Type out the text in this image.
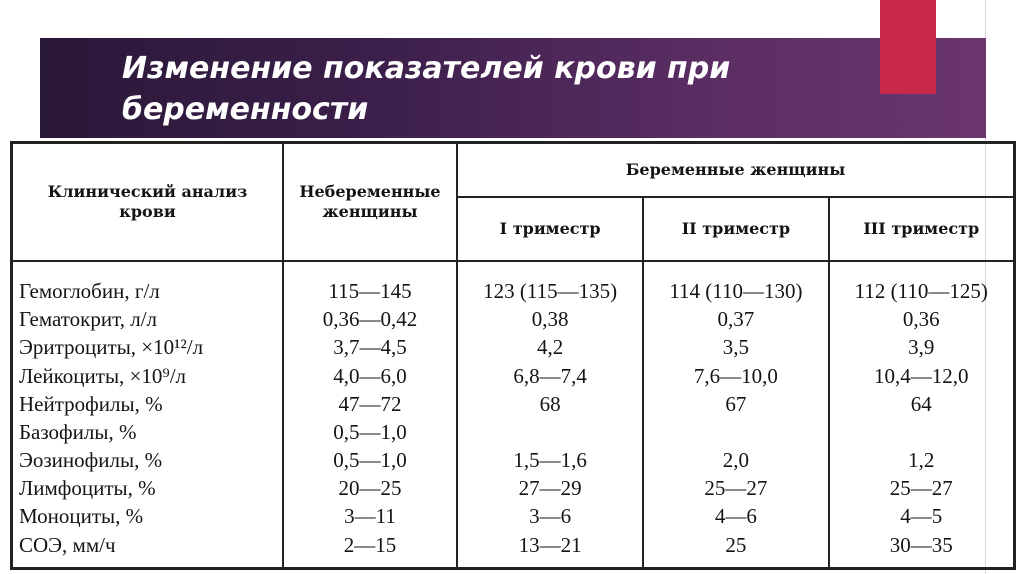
Изменение показателей крови при
беременности
Клинический анализ крови	Небеременные женщины	Беременные женщины		
		I триместр	II триместр	III триместр
Гемоглобин, г/л	115—145	123 (115—135)	114 (110—130)	112 (110—125)
Гематокрит, л/л	0,36—0,42	0,38	0,37	0,36
Эритроциты, ×10¹²/л	3,7—4,5	4,2	3,5	3,9
Лейкоциты, ×10⁹/л	4,0—6,0	6,8—7,4	7,6—10,0	10,4—12,0
Нейтрофилы, %	47—72	68	67	64
Базофилы, %	0,5—1,0			
Эозинофилы, %	0,5—1,0	1,5—1,6	2,0	1,2
Лимфоциты, %	20—25	27—29	25—27	25—27
Моноциты, %	3—11	3—6	4—6	4—5
СОЭ, мм/ч	2—15	13—21	25	30—35
